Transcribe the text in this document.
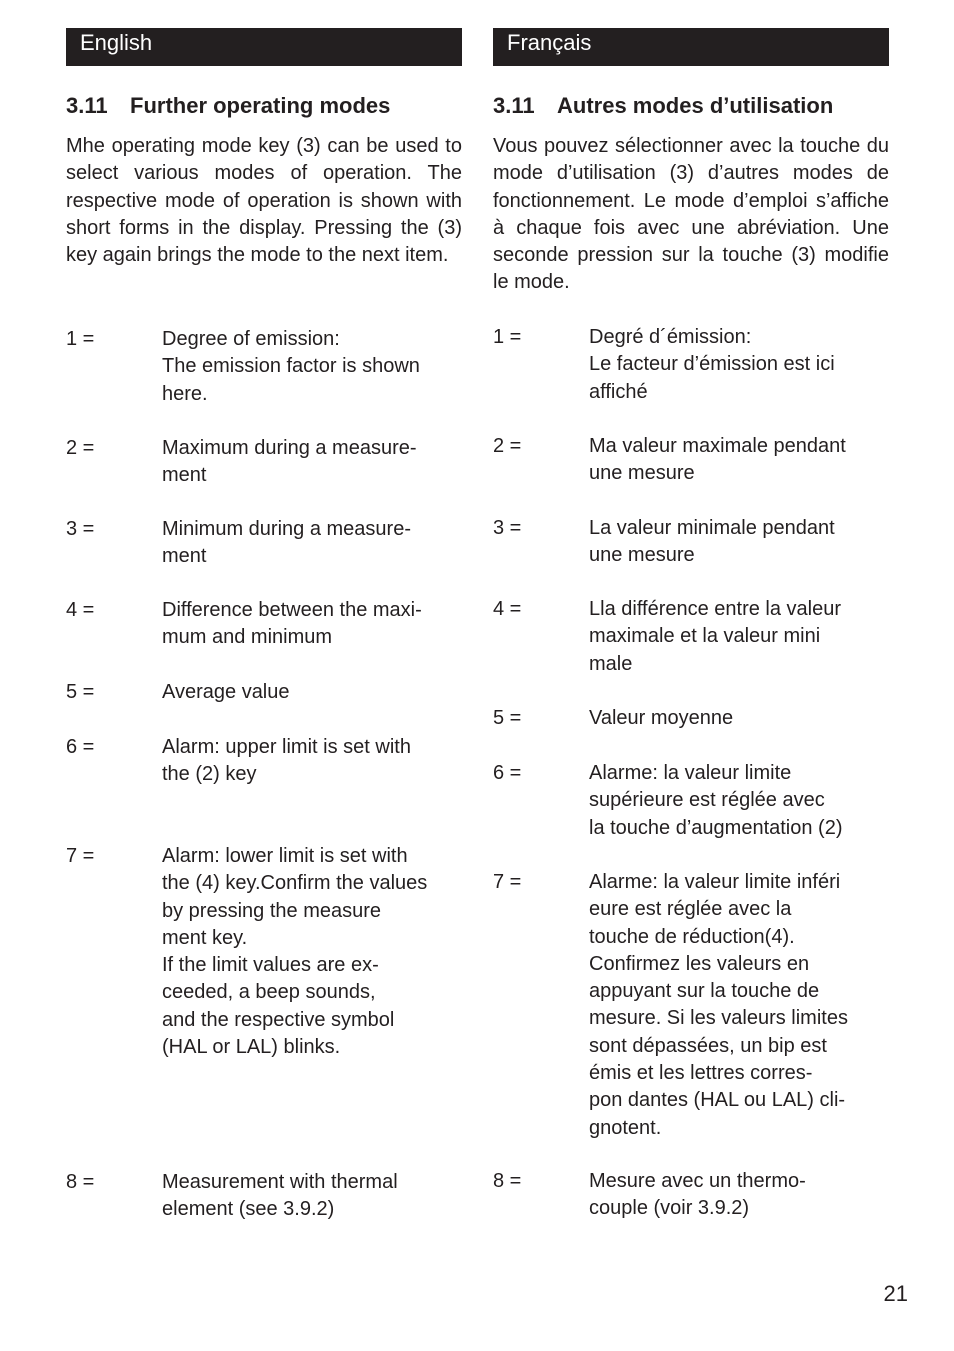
English
3.11 Further operating modes
Mhe operating mode key (3) can be used to select various modes of operation. The respective mode of operation is shown with short forms in the display. Pressing the (3) key again brings the mode to the next item.
1 =	Degree of emission:
The emission factor is shown
here.
2 =	Maximum during a measure-
ment
3 =	Minimum during a measure-
ment
4 =	Difference between the maxi-
mum and minimum
5 =	Average value
6 =	Alarm: upper limit is set with
the (2) key
7 =	Alarm: lower limit is set with
the (4) key.Confirm the values
by pressing the measure
ment key.
If the limit values are ex-
ceeded, a beep sounds,
and the respective symbol
(HAL or LAL) blinks.
8 =	Measurement with thermal
element (see 3.9.2)
Français
3.11 Autres modes d’utilisation
Vous pouvez sélectionner avec la touche du mode d’utilisation (3) d’autres modes de fonctionnement. Le mode d’emploi s’affiche à chaque fois avec une abréviation. Une seconde pression sur la touche (3) modifie le mode.
1 =	Degré d´émission:
Le facteur d’émission est ici
affiché
2 =	Ma valeur maximale pendant
une mesure
3 =	La valeur minimale pendant
une mesure
4 =	Lla différence entre la valeur
maximale et la valeur mini
male
5 =	Valeur moyenne
6 =	Alarme: la valeur limite
supérieure est réglée avec
la touche d’augmentation (2)
7 =	Alarme: la valeur limite inféri
eure est réglée avec la
touche de réduction(4).
Confirmez les valeurs en
appuyant sur la touche de
mesure. Si les valeurs limites
sont dépassées, un bip est
émis et les lettres corres-
pon dantes (HAL ou LAL) cli-
gnotent.
8 =	Mesure avec un thermo-
couple (voir 3.9.2)
21
